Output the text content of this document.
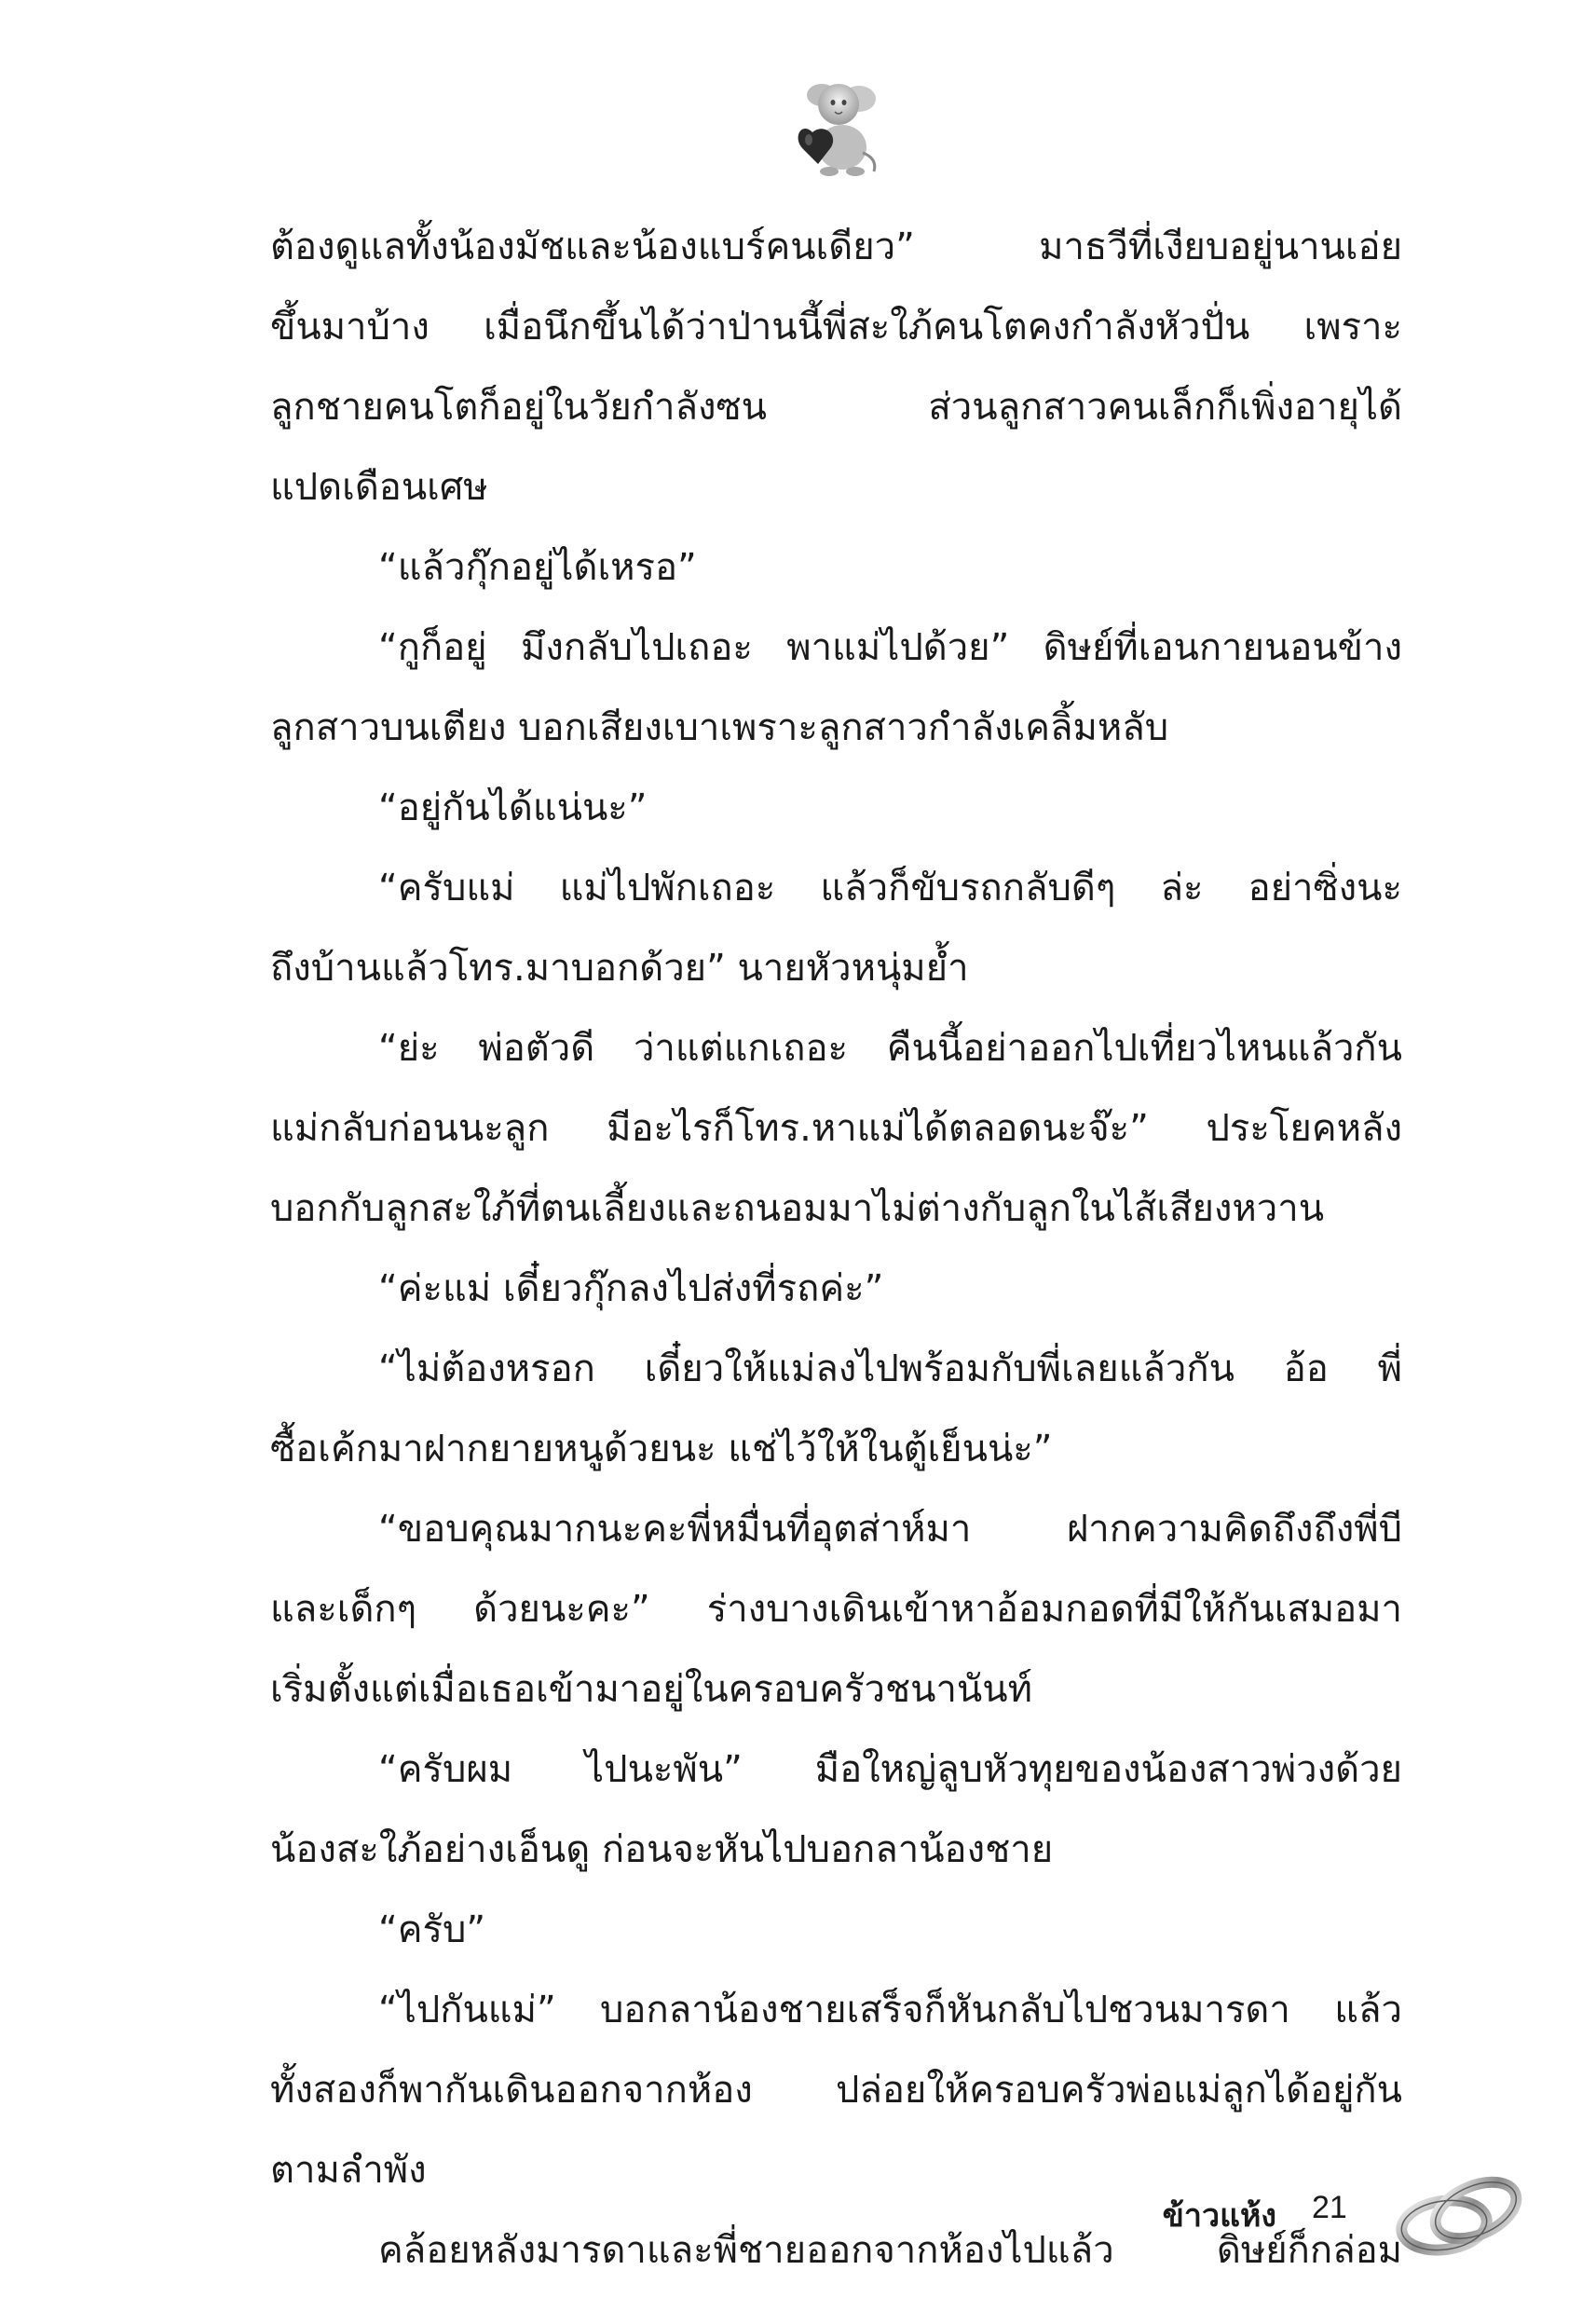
ต้องดูแลทั้งน้องมัชและน้องแบร์คนเดียว” มาธวีที่เงียบอยู่นานเอ่ย
ขึ้นมาบ้าง เมื่อนึกขึ้นได้ว่าป่านนี้พี่สะใภ้คนโตคงกำลังหัวปั่น เพราะ
ลูกชายคนโตก็อยู่ในวัยกำลังซน ส่วนลูกสาวคนเล็กก็เพิ่งอายุได้
แปดเดือนเศษ
“แล้วกุ๊กอยู่ได้เหรอ”
“กูก็อยู่ มึงกลับไปเถอะ พาแม่ไปด้วย” ดิษย์ที่เอนกายนอนข้าง
ลูกสาวบนเตียง บอกเสียงเบาเพราะลูกสาวกำลังเคลิ้มหลับ
“อยู่กันได้แน่นะ”
“ครับแม่ แม่ไปพักเถอะ แล้วก็ขับรถกลับดีๆ ล่ะ อย่าซิ่งนะ
ถึงบ้านแล้วโทร.มาบอกด้วย” นายหัวหนุ่มย้ำ
“ย่ะ พ่อตัวดี ว่าแต่แกเถอะ คืนนี้อย่าออกไปเที่ยวไหนแล้วกัน
แม่กลับก่อนนะลูก มีอะไรก็โทร.หาแม่ได้ตลอดนะจ๊ะ” ประโยคหลัง
บอกกับลูกสะใภ้ที่ตนเลี้ยงและถนอมมาไม่ต่างกับลูกในไส้เสียงหวาน
“ค่ะแม่ เดี๋ยวกุ๊กลงไปส่งที่รถค่ะ”
“ไม่ต้องหรอก เดี๋ยวให้แม่ลงไปพร้อมกับพี่เลยแล้วกัน อ้อ พี่
ซื้อเค้กมาฝากยายหนูด้วยนะ แช่ไว้ให้ในตู้เย็นน่ะ”
“ขอบคุณมากนะคะพี่หมื่นที่อุตส่าห์มา ฝากความคิดถึงถึงพี่บี
และเด็กๆ ด้วยนะคะ” ร่างบางเดินเข้าหาอ้อมกอดที่มีให้กันเสมอมา
เริ่มตั้งแต่เมื่อเธอเข้ามาอยู่ในครอบครัวชนานันท์
“ครับผม ไปนะพัน” มือใหญ่ลูบหัวทุยของน้องสาวพ่วงด้วย
น้องสะใภ้อย่างเอ็นดู ก่อนจะหันไปบอกลาน้องชาย
“ครับ”
“ไปกันแม่” บอกลาน้องชายเสร็จก็หันกลับไปชวนมารดา แล้ว
ทั้งสองก็พากันเดินออกจากห้อง ปล่อยให้ครอบครัวพ่อแม่ลูกได้อยู่กัน
ตามลำพัง
คล้อยหลังมารดาและพี่ชายออกจากห้องไปแล้ว ดิษย์ก็กล่อม
ข้าวแห้ง 21
